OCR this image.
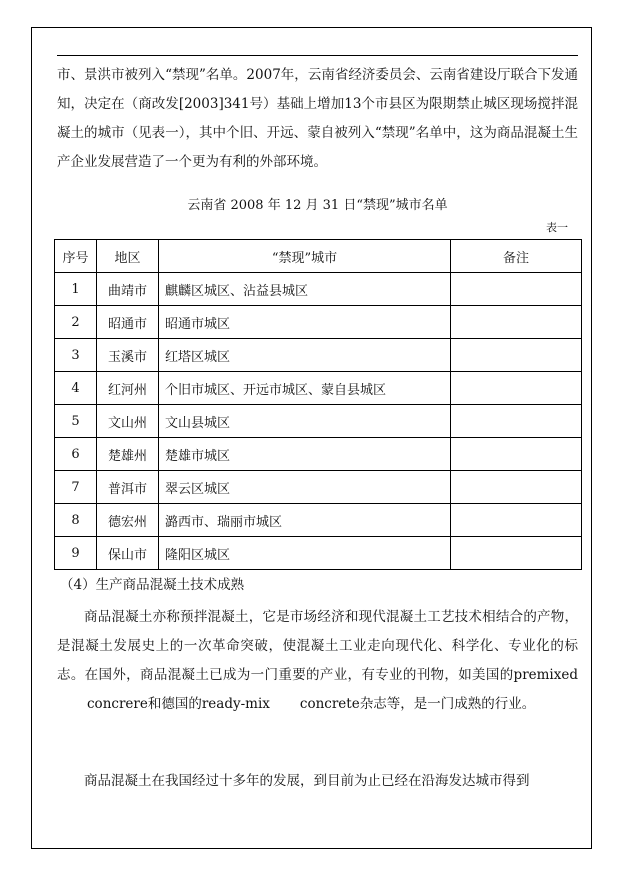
市、景洪市被列入“禁现”名单。2007年，云南省经济委员会、云南省建设厅联合下发通知，决定在（商改发[2003]341号）基础上增加13个市县区为限期禁止城区现场搅拌混凝土的城市（见表一），其中个旧、开远、蒙自被列入“禁现”名单中，这为商品混凝土生产企业发展营造了一个更为有利的外部环境。

云南省 2008 年 12 月 31 日“禁现”城市名单
表一
序号	地区	“禁现”城市	备注
1	曲靖市	麒麟区城区、沾益县城区	
2	昭通市	昭通市城区	
3	玉溪市	红塔区城区	
4	红河州	个旧市城区、开远市城区、蒙自县城区	
5	文山州	文山县城区	
6	楚雄州	楚雄市城区	
7	普洱市	翠云区城区	
8	德宏州	潞西市、瑞丽市城区	
9	保山市	隆阳区城区	
（4）生产商品混凝土技术成熟

商品混凝土亦称预拌混凝土，它是市场经济和现代混凝土工艺技术相结合的产物，是混凝土发展史上的一次革命突破，使混凝土工业走向现代化、科学化、专业化的标志。在国外，商品混凝土已成为一门重要的产业，有专业的刊物，如美国的premixedconcrere和德国的ready-mix concrete杂志等，是一门成熟的行业。

商品混凝土在我国经过十多年的发展，到目前为止已经在沿海发达城市得到
